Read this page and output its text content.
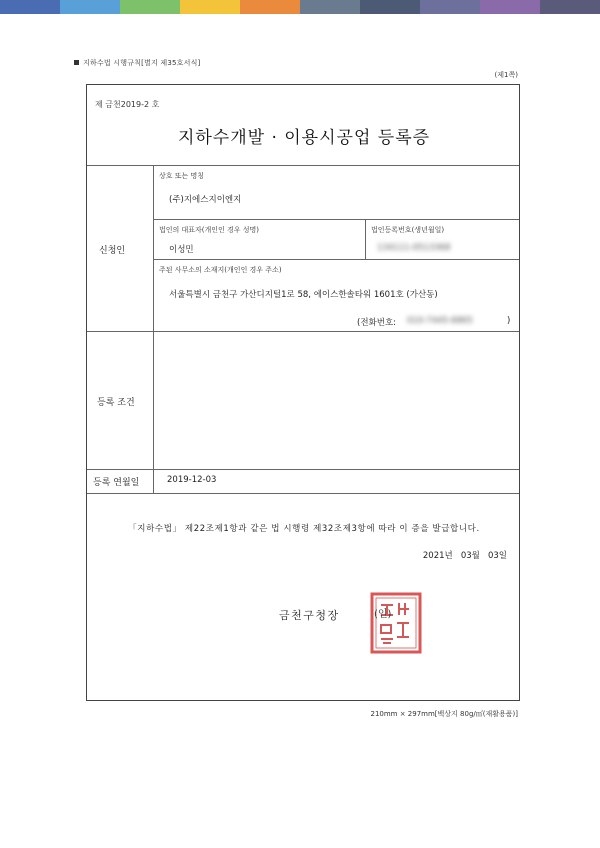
지하수법 시행규칙[별지 제35호서식]
(제1쪽)
제 금천2019-2 호
지하수개발 · 이용시공업 등록증
신청인
상호 또는 명칭
(주)지에스지이엔지
법인의 대표자(개인인 경우 성명)
이성민
법인등록번호(생년월일)
134111-0513368
주된 사무소의 소재지(개인인 경우 주소)
서울특별시 금천구 가산디지털1로 58, 에이스한솔타워 1601호 (가산동)
(전화번호: 010-7445-6865	)
등록 조건
등록 연월일	2019-12-03
「지하수법」 제22조제1항과 같은 법 시행령 제32조제3항에 따라 이 증을 발급합니다.
2021년   03월   03일
금천구청장	(인)
210mm × 297mm[백상지 80g/㎡(재활용품)]
